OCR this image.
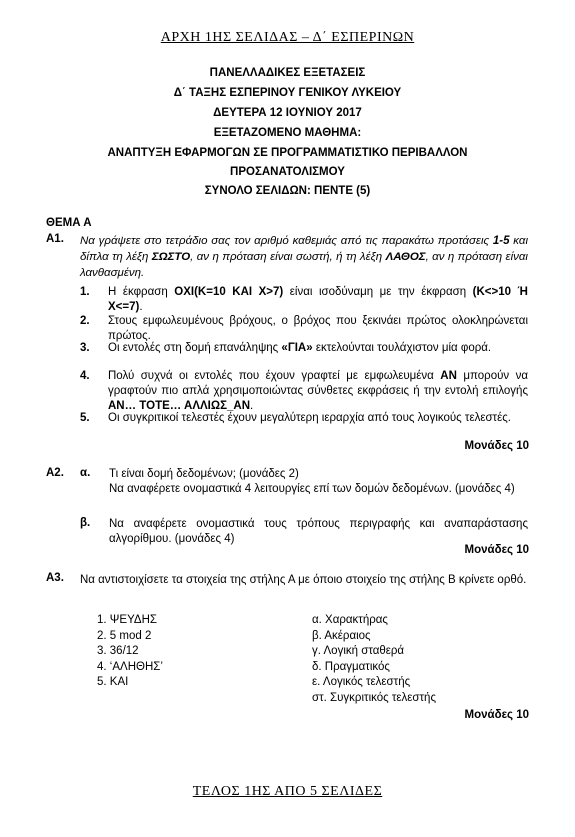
ΑΡΧΗ 1ΗΣ ΣΕΛΙΔΑΣ – Δ΄ ΕΣΠΕΡΙΝΩΝ
ΠΑΝΕΛΛΑΔΙΚΕΣ ΕΞΕΤΑΣΕΙΣ
Δ΄ ΤΑΞΗΣ ΕΣΠΕΡΙΝΟΥ ΓΕΝΙΚΟΥ ΛΥΚΕΙΟΥ
ΔΕΥΤΕΡΑ 12 ΙΟΥΝΙΟΥ 2017
ΕΞΕΤΑΖΟΜΕΝΟ ΜΑΘΗΜΑ:
ΑΝΑΠΤΥΞΗ ΕΦΑΡΜΟΓΩΝ ΣΕ ΠΡΟΓΡΑΜΜΑΤΙΣΤΙΚΟ ΠΕΡΙΒΑΛΛΟΝ
ΠΡΟΣΑΝΑΤΟΛΙΣΜΟΥ
ΣΥΝΟΛΟ ΣΕΛΙΔΩΝ: ΠΕΝΤΕ (5)
ΘΕΜΑ Α
Α1. Να γράψετε στο τετράδιο σας τον αριθμό καθεμιάς από τις παρακάτω προτάσεις 1-5 και δίπλα τη λέξη ΣΩΣΤΟ, αν η πρόταση είναι σωστή, ή τη λέξη ΛΑΘΟΣ, αν η πρόταση είναι λανθασμένη.
1. Η έκφραση ΟΧΙ(Κ=10 ΚΑΙ Χ>7) είναι ισοδύναμη με την έκφραση (Κ<>10 Ή Χ<=7).
2. Στους εμφωλευμένους βρόχους, ο βρόχος που ξεκινάει πρώτος ολοκληρώνεται πρώτος.
3. Οι εντολές στη δομή επανάληψης «ΓΙΑ» εκτελούνται τουλάχιστον μία φορά.
4. Πολύ συχνά οι εντολές που έχουν γραφτεί με εμφωλευμένα ΑΝ μπορούν να γραφτούν πιο απλά χρησιμοποιώντας σύνθετες εκφράσεις ή την εντολή επιλογής ΑΝ… ΤΟΤΕ… ΑΛΛΙΩΣ_ΑΝ.
5. Οι συγκριτικοί τελεστές έχουν μεγαλύτερη ιεραρχία από τους λογικούς τελεστές.
Μονάδες 10
Α2. α. Τι είναι δομή δεδομένων; (μονάδες 2)
Να αναφέρετε ονομαστικά 4 λειτουργίες επί των δομών δεδομένων. (μονάδες 4)
β. Να αναφέρετε ονομαστικά τους τρόπους περιγραφής και αναπαράστασης αλγορίθμου. (μονάδες 4)
Μονάδες 10
Α3. Να αντιστοιχίσετε τα στοιχεία της στήλης Α με όποιο στοιχείο της στήλης Β κρίνετε ορθό.
1. ΨΕΥΔΗΣ
2. 5 mod 2
3. 36/12
4. ‘ΑΛΗΘΗΣ’
5. ΚΑΙ
α. Χαρακτήρας
β. Ακέραιος
γ. Λογική σταθερά
δ. Πραγματικός
ε. Λογικός τελεστής
στ. Συγκριτικός τελεστής
Μονάδες 10
ΤΕΛΟΣ 1ΗΣ ΑΠΟ 5 ΣΕΛΙΔΕΣ
